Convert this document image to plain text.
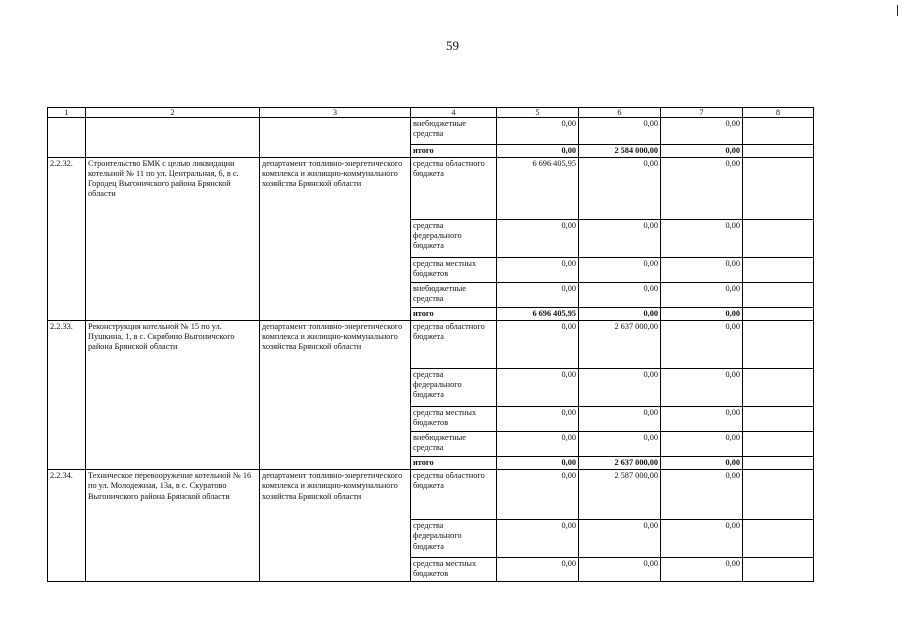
59
1	2	3	4	5	6	7	8
			внебюджетные средства	0,00	0,00	0,00	
			итого	0,00	2 584 000,00	0,00	
2.2.32.	Строительство БМК с целью ликвидации котельной № 11 по ул. Центральная, 6, в с. Городец Выгоничского района Брянской области	департамент топливно-энергетического комплекса и жилищно-коммунального хозяйства Брянской области	средства областного бюджета	6 696 405,95	0,00	0,00	
			средства федерального бюджета	0,00	0,00	0,00	
			средства местных бюджетов	0,00	0,00	0,00	
			внебюджетные средства	0,00	0,00	0,00	
			итого	6 696 405,95	0,00	0,00	
2.2.33.	Реконструкция котельной № 15 по ул. Пушкина, 1, в с. Скрябино Выгоничского района Брянской области	департамент топливно-энергетического комплекса и жилищно-коммунального хозяйства Брянской области	средства областного бюджета	0,00	2 637 000,00	0,00	
			средства федерального бюджета	0,00	0,00	0,00	
			средства местных бюджетов	0,00	0,00	0,00	
			внебюджетные средства	0,00	0,00	0,00	
			итого	0,00	2 637 000,00	0,00	
2.2.34.	Техническое перевооружение котельной № 16 по ул. Молодежная, 13а, в с. Скуратово Выгоничского района Брянской области	департамент топливно-энергетического комплекса и жилищно-коммунального хозяйства Брянской области	средства областного бюджета	0,00	2 587 000,00	0,00	
			средства федерального бюджета	0,00	0,00	0,00	
			средства местных бюджетов	0,00	0,00	0,00	
